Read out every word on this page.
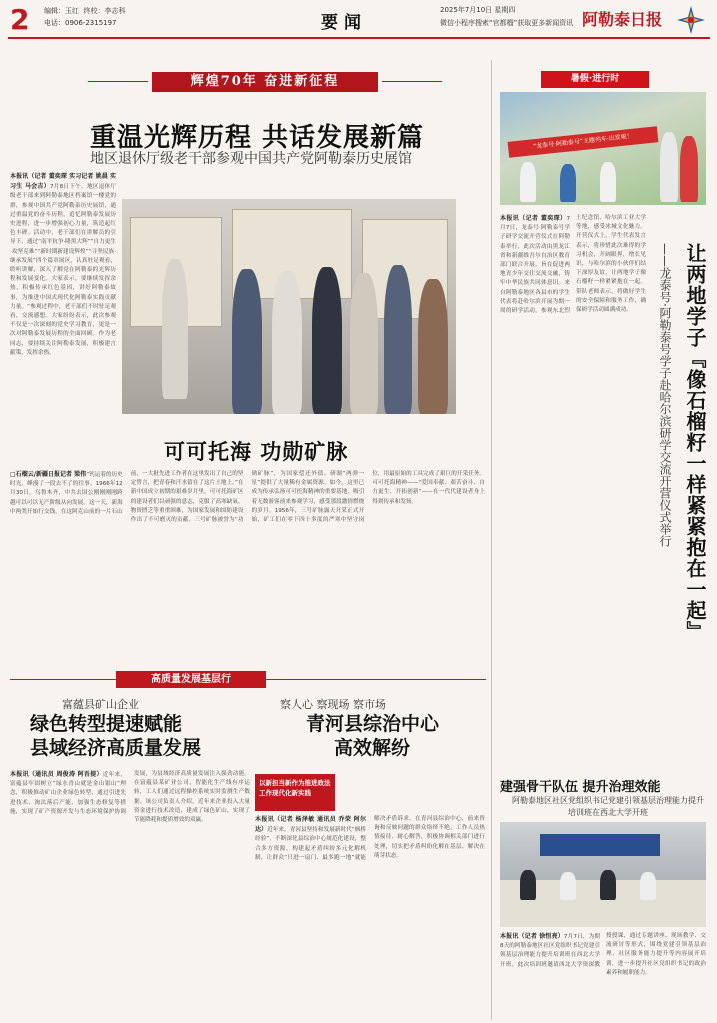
2 编辑：玉红 终校：李志科
电话：0906-2315197	要闻
2025年7月10日 星期四
微信小程序搜索“官都榴”获取更多新闻资讯 阿勒泰日报
辉煌70年 奋进新征程
重温光辉历程 共话发展新篇
地区退休厅级老干部参观中国共产党阿勒泰历史展馆
本报讯（记者 董奕琛 实习记者 姚晨 实习生 马会吉）7月8日下午，地区退休厅级老干部来到阿勒泰地区档案馆一楼党的群，参观中国共产党阿勒泰历史展馆，通过重温党的奋斗历程，追忆阿勒泰发展历史进程，进一步增强初心力量，筑造起红色丰碑。活动中，老干部们在讲解员的引导下，通过“南平抗争·隆黑大辉”“自力更生·攻坚克难”“新时期新建设辉煌”“寻坚民族·继承发展”四个篇章展区，认真驻足观看，聆听讲解，深入了解党在阿勒泰的光辉历程和发展变化。大家表示，要继续发挥余热，积极传承红色基因，讲好阿勒泰故事，为推进中国式现代化阿勒泰实践贡献力量。“参观过程中，老干部们不时驻足观看，交流感想。大家纷纷表示，此次参观不仅是一次深刻的党史学习教育，更是一次对阿勒泰发展历程的全面回顾。作为老同志，要持续关注阿勒泰发展，积极建言献策，发挥余热。
可可托海 功勋矿脉
□石榴云/新疆日报记者 梁伟“钙运着的历史时光，峰漫了一段去不了的往事。1966年12月30日，乌鲁木齐，中共去国公刚刚刚刚跨越可以可以无产阶级从向发展。这一天，新海中两类开始行交钱，在这阿克山前的一片石山前，一大批先进工作者在这里发出了自己的坚定誓言，把青春和汗水留在了这片土地上。”在新中国成立初期的艰难岁月里，可可托海矿区的建设者们以顽强的意志，克服了高寒缺氧、物资匮乏等重重困难，为国家发展和国防建设作出了不可磨灭的贡献。三号矿脉被誉为“功勋矿脉”，为国家偿还外债、研制“两弹一星”提供了大量稀有金属资源。如今，这里已成为传承弘扬可可托海精神的重要基地，吸引着无数游客前来参观学习，感受那段激情燃烧的岁月。1956年，三号矿脉露天开采正式开始，矿工们在零下四十多度的严寒中坚守岗位，用最原始的工具完成了艰巨的开采任务。可可托海精神——“爱国奉献、艰苦奋斗、自力更生、开拓创新”——在一代代建设者身上得到传承和发扬。
暑假·进行时
“龙泰号·阿勒泰号”主题列车·出发啦！
让两地学子『像石榴籽一样紧紧抱在一起』
——龙泰号·阿勒泰号学子赴哈尔滨研学交流开营仪式举行
本报讯（记者 董奕琛）7月7日，龙泰号·阿勒泰号学子研学交流开营仪式在阿勒泰举行，此次活动由黑龙江省和新疆维吾尔自治区教育部门联合开展，旨在促进两地青少年交往交流交融，铸牢中华民族共同体意识。来自阿勒泰地区各县市的学生代表将赴哈尔滨开展为期一周的研学活动，参观东北烈士纪念馆、哈尔滨工业大学等地，感受冰城文化魅力。开营仪式上，学生代表发言表示，将珍惜此次难得的学习机会，开阔眼界，增长见识，与哈尔滨的小伙伴们结下深厚友谊，让两地学子像石榴籽一样紧紧抱在一起。带队老师表示，将做好学生的安全保障和服务工作，确保研学活动圆满成功。
建强骨干队伍 提升治理效能
阿勒泰地区社区党组织书记党建引领基层治理能力提升培训班在西北大学开班
本报讯（记者 徐恒亮）7月7日，为期8天的阿勒泰地区社区党组织书记党建引领基层治理能力提升培训班在西北大学开班。此次培训班邀请西北大学资深教授授课，通过专题讲座、现场教学、交流研讨等形式，围绕党建引领基层治理、社区服务能力提升等内容展开培训，进一步提升社区党组织书记的政治素养和履职能力。
高质量发展基层行
富蕴县矿山企业
绿色转型提速赋能
县域经济高质量发展
本报讯（通讯员 周俊涛 阿吾提）近年来，富蕴县牢固树立“绿水青山就是金山银山”理念，积极推动矿山企业绿色转型，通过引进先进技术、淘汰落后产能、加强生态修复等措施，实现了矿产资源开发与生态环境保护协调发展，为县域经济高质量发展注入强劲动能。在富蕴县某矿业公司，智能化生产线有序运转，工人们通过远程操控系统实时监测生产数据。该公司负责人介绍，近年来企业投入大量资金进行技术改造，建成了绿色矿山，实现了节能降耗和提质增效的双赢。
察人心 察现场 察市场
青河县综治中心
高效解纷
以新担当新作为推进政法工作现代化新实践
本报讯（记者 杨泽敏 通讯员 乔荣 阿尔达）近年来，青河县坚持和发展新时代“枫桥经验”，不断深化县综治中心规范化建设，整合多方资源，构建起矛盾纠纷多元化解机制，让群众“只进一扇门、最多跑一地”就能解决矛盾诉求。在青河县综治中心，前来咨询和反映问题的群众络绎不绝，工作人员热情接待、耐心解答，积极协调相关部门进行处理，切实把矛盾纠纷化解在基层、解决在萌芽状态。
